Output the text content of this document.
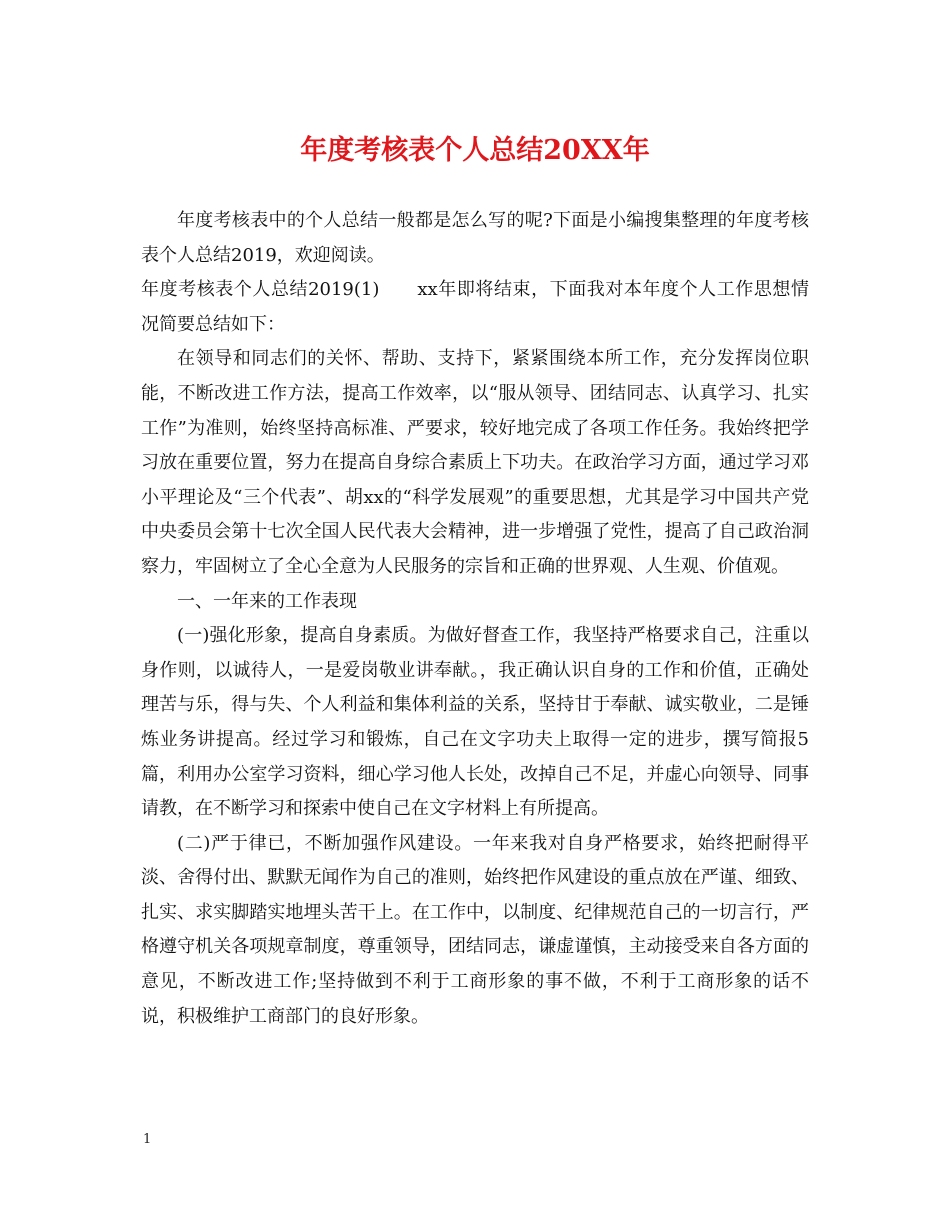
年度考核表个人总结20XX年

年度考核表中的个人总结一般都是怎么写的呢?下面是小编搜集整理的年度考核表个人总结2019，欢迎阅读。

年度考核表个人总结2019(1) xx年即将结束，下面我对本年度个人工作思想情况简要总结如下：

在领导和同志们的关怀、帮助、支持下，紧紧围绕本所工作，充分发挥岗位职能，不断改进工作方法，提高工作效率，以“服从领导、团结同志、认真学习、扎实工作”为准则，始终坚持高标准、严要求，较好地完成了各项工作任务。我始终把学习放在重要位置，努力在提高自身综合素质上下功夫。在政治学习方面，通过学习邓小平理论及“三个代表”、胡xx的“科学发展观”的重要思想，尤其是学习中国共产党中央委员会第十七次全国人民代表大会精神，进一步增强了党性，提高了自己政治洞察力，牢固树立了全心全意为人民服务的宗旨和正确的世界观、人生观、价值观。

一、一年来的工作表现

(一)强化形象，提高自身素质。为做好督查工作，我坚持严格要求自己，注重以身作则，以诚待人，一是爱岗敬业讲奉献。，我正确认识自身的工作和价值，正确处理苦与乐，得与失、个人利益和集体利益的关系，坚持甘于奉献、诚实敬业，二是锤炼业务讲提高。经过学习和锻炼，自己在文字功夫上取得一定的进步，撰写简报5篇，利用办公室学习资料，细心学习他人长处，改掉自己不足，并虚心向领导、同事请教，在不断学习和探索中使自己在文字材料上有所提高。

(二)严于律已，不断加强作风建设。一年来我对自身严格要求，始终把耐得平淡、舍得付出、默默无闻作为自己的准则，始终把作风建设的重点放在严谨、细致、扎实、求实脚踏实地埋头苦干上。在工作中，以制度、纪律规范自己的一切言行，严格遵守机关各项规章制度，尊重领导，团结同志，谦虚谨慎，主动接受来自各方面的意见，不断改进工作;坚持做到不利于工商形象的事不做，不利于工商形象的话不说，积极维护工商部门的良好形象。

1
